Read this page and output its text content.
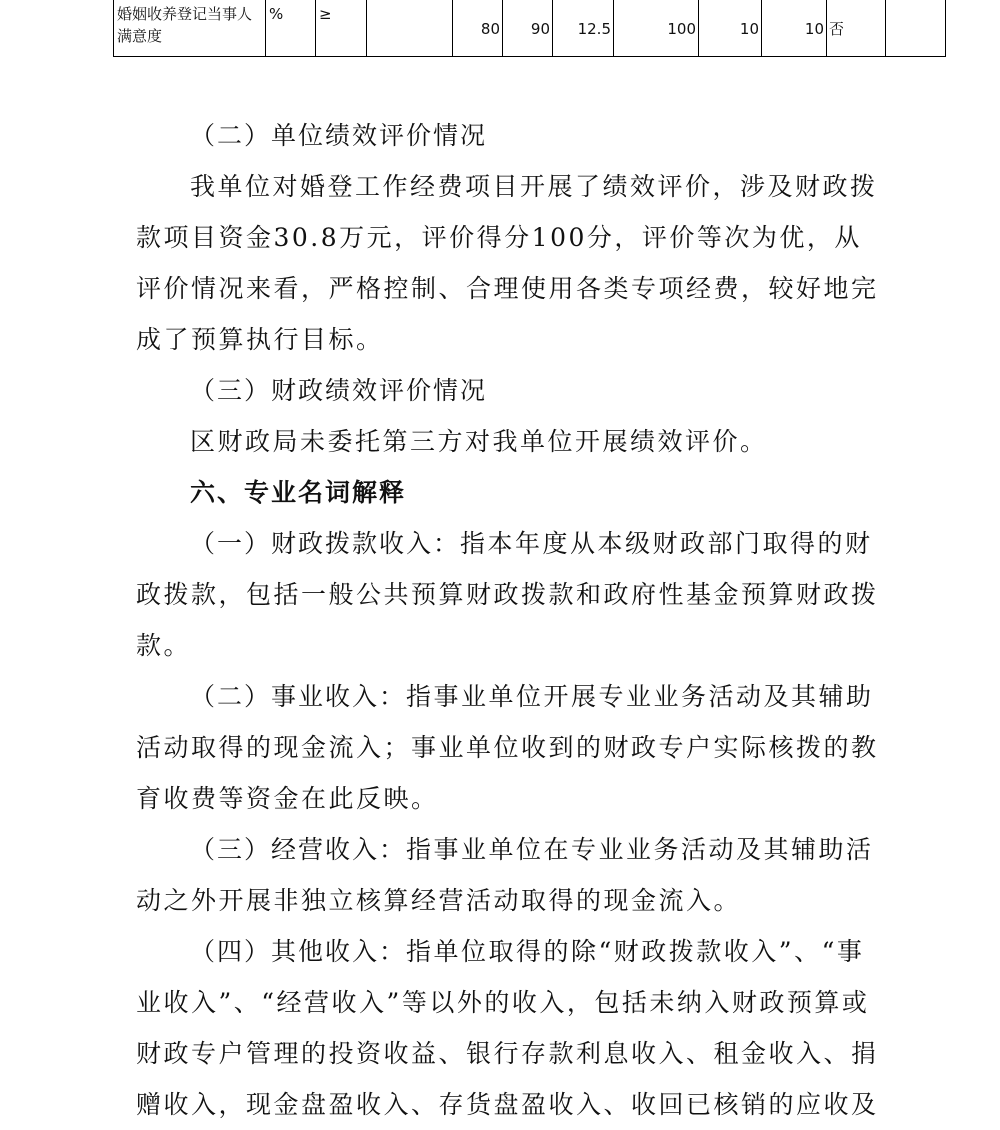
婚姻收养登记当事人满意度	%	≥		80	90	12.5	100	10	10	否	

（二）单位绩效评价情况

我单位对婚登工作经费项目开展了绩效评价，涉及财政拨款项目资金30.8万元，评价得分100分，评价等次为优，从评价情况来看，严格控制、合理使用各类专项经费，较好地完成了预算执行目标。

（三）财政绩效评价情况

区财政局未委托第三方对我单位开展绩效评价。

六、专业名词解释

（一）财政拨款收入：指本年度从本级财政部门取得的财政拨款，包括一般公共预算财政拨款和政府性基金预算财政拨款。

（二）事业收入：指事业单位开展专业业务活动及其辅助活动取得的现金流入；事业单位收到的财政专户实际核拨的教育收费等资金在此反映。

（三）经营收入：指事业单位在专业业务活动及其辅助活动之外开展非独立核算经营活动取得的现金流入。

（四）其他收入：指单位取得的除“财政拨款收入”、“事业收入”、“经营收入”等以外的收入，包括未纳入财政预算或财政专户管理的投资收益、银行存款利息收入、租金收入、捐赠收入，现金盘盈收入、存货盘盈收入、收回已核销的应收及
